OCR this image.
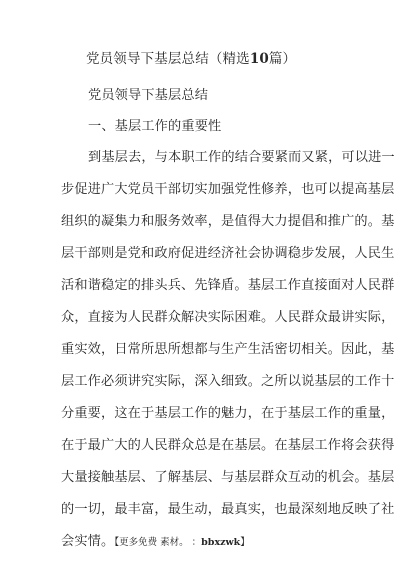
党员领导下基层总结（精选10篇）
党员领导下基层总结
一、基层工作的重要性
到基层去，与本职工作的结合要紧而又紧，可以进一
步促进广大党员干部切实加强党性修养，也可以提高基层
组织的凝集力和服务效率，是值得大力提倡和推广的。基
层干部则是党和政府促进经济社会协调稳步发展，人民生
活和谐稳定的排头兵、先锋盾。基层工作直接面对人民群
众，直接为人民群众解决实际困难。人民群众最讲实际，
重实效，日常所思所想都与生产生活密切相关。因此，基
层工作必须讲究实际，深入细致。之所以说基层的工作十
分重要，这在于基层工作的魅力，在于基层工作的重量，
在于最广大的人民群众总是在基层。在基层工作将会获得
大量接触基层、了解基层、与基层群众互动的机会。基层
的一切，最丰富，最生动，最真实，也最深刻地反映了社
会实情。【更多免费 素材。 ：bbxzwk】
